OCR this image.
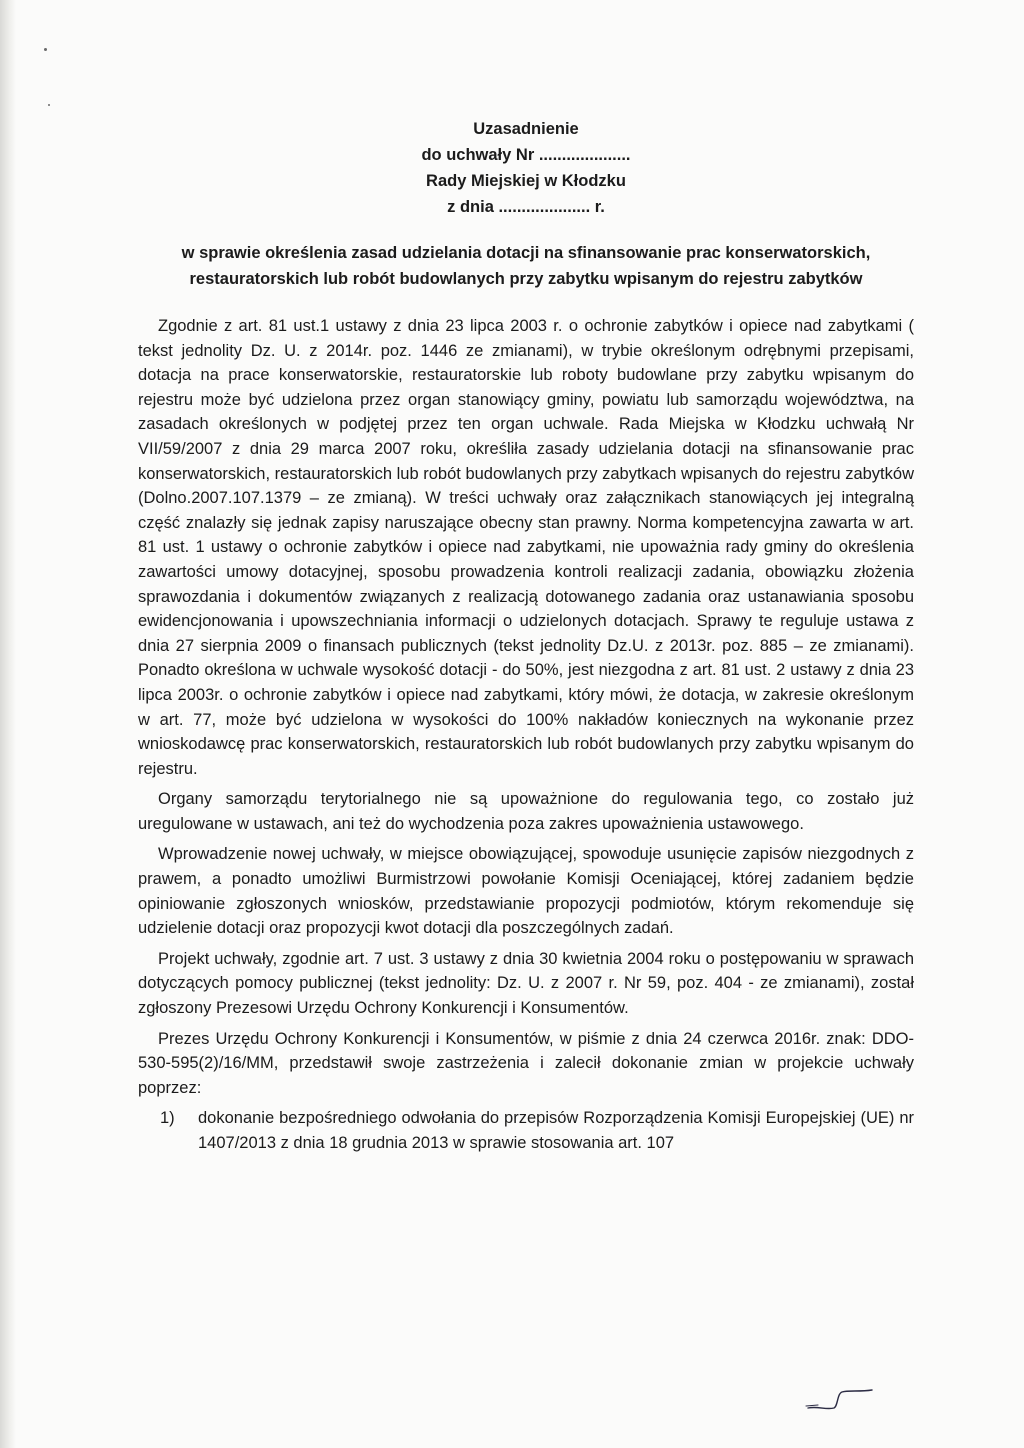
Uzasadnienie
do uchwały Nr ....................
Rady Miejskiej w Kłodzku
z dnia .................... r.
w sprawie określenia zasad udzielania dotacji na sfinansowanie prac konserwatorskich, restauratorskich lub robót budowlanych przy zabytku wpisanym do rejestru zabytków

Zgodnie z art. 81 ust.1 ustawy z dnia 23 lipca 2003 r. o ochronie zabytków i opiece nad zabytkami ( tekst jednolity Dz. U. z 2014r. poz. 1446 ze zmianami), w trybie określonym odrębnymi przepisami, dotacja na prace konserwatorskie, restauratorskie lub roboty budowlane przy zabytku wpisanym do rejestru może być udzielona przez organ stanowiący gminy, powiatu lub samorządu województwa, na zasadach określonych w podjętej przez ten organ uchwale. Rada Miejska w Kłodzku uchwałą Nr VII/59/2007 z dnia 29 marca 2007 roku, określiła zasady udzielania dotacji na sfinansowanie prac konserwatorskich, restauratorskich lub robót budowlanych przy zabytkach wpisanych do rejestru zabytków (Dolno.2007.107.1379 – ze zmianą). W treści uchwały oraz załącznikach stanowiących jej integralną część znalazły się jednak zapisy naruszające obecny stan prawny. Norma kompetencyjna zawarta w art. 81 ust. 1 ustawy o ochronie zabytków i opiece nad zabytkami, nie upoważnia rady gminy do określenia zawartości umowy dotacyjnej, sposobu prowadzenia kontroli realizacji zadania, obowiązku złożenia sprawozdania i dokumentów związanych z realizacją dotowanego zadania oraz ustanawiania sposobu ewidencjonowania i upowszechniania informacji o udzielonych dotacjach. Sprawy te reguluje ustawa z dnia 27 sierpnia 2009 o finansach publicznych (tekst jednolity Dz.U. z 2013r. poz. 885 – ze zmianami). Ponadto określona w uchwale wysokość dotacji - do 50%, jest niezgodna z art. 81 ust. 2 ustawy z dnia 23 lipca 2003r. o ochronie zabytków i opiece nad zabytkami, który mówi, że dotacja, w zakresie określonym w art. 77, może być udzielona w wysokości do 100% nakładów koniecznych na wykonanie przez wnioskodawcę prac konserwatorskich, restauratorskich lub robót budowlanych przy zabytku wpisanym do rejestru.

Organy samorządu terytorialnego nie są upoważnione do regulowania tego, co zostało już uregulowane w ustawach, ani też do wychodzenia poza zakres upoważnienia ustawowego.

Wprowadzenie nowej uchwały, w miejsce obowiązującej, spowoduje usunięcie zapisów niezgodnych z prawem, a ponadto umożliwi Burmistrzowi powołanie Komisji Oceniającej, której zadaniem będzie opiniowanie zgłoszonych wniosków, przedstawianie propozycji podmiotów, którym rekomenduje się udzielenie dotacji oraz propozycji kwot dotacji dla poszczególnych zadań.

Projekt uchwały, zgodnie art. 7 ust. 3 ustawy z dnia 30 kwietnia 2004 roku o postępowaniu w sprawach dotyczących pomocy publicznej (tekst jednolity: Dz. U. z 2007 r. Nr 59, poz. 404 - ze zmianami), został zgłoszony Prezesowi Urzędu Ochrony Konkurencji i Konsumentów.

Prezes Urzędu Ochrony Konkurencji i Konsumentów, w piśmie z dnia 24 czerwca 2016r. znak: DDO-530-595(2)/16/MM, przedstawił swoje zastrzeżenia i zalecił dokonanie zmian w projekcie uchwały poprzez:

1)	dokonanie bezpośredniego odwołania do przepisów Rozporządzenia Komisji Europejskiej (UE) nr 1407/2013 z dnia 18 grudnia 2013 w sprawie stosowania art. 107
